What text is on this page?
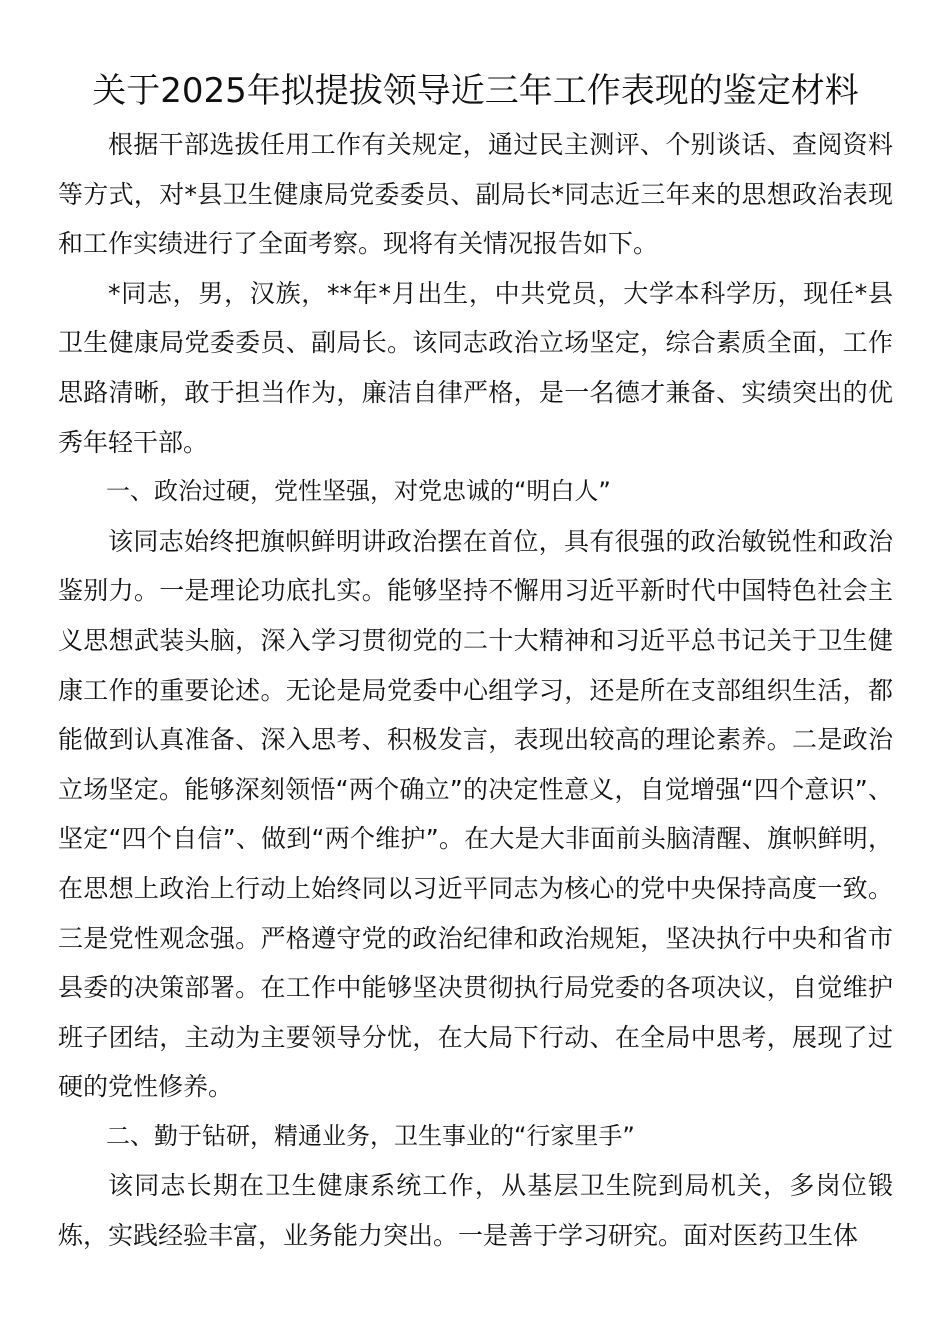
关于2025年拟提拔领导近三年工作表现的鉴定材料

根据干部选拔任用工作有关规定，通过民主测评、个别谈话、查阅资料等方式，对*县卫生健康局党委委员、副局长*同志近三年来的思想政治表现和工作实绩进行了全面考察。现将有关情况报告如下。

*同志，男，汉族，**年*月出生，中共党员，大学本科学历，现任*县卫生健康局党委委员、副局长。该同志政治立场坚定，综合素质全面，工作思路清晰，敢于担当作为，廉洁自律严格，是一名德才兼备、实绩突出的优秀年轻干部。

一、政治过硬，党性坚强，对党忠诚的“明白人”

该同志始终把旗帜鲜明讲政治摆在首位，具有很强的政治敏锐性和政治鉴别力。一是理论功底扎实。能够坚持不懈用习近平新时代中国特色社会主义思想武装头脑，深入学习贯彻党的二十大精神和习近平总书记关于卫生健康工作的重要论述。无论是局党委中心组学习，还是所在支部组织生活，都能做到认真准备、深入思考、积极发言，表现出较高的理论素养。二是政治立场坚定。能够深刻领悟“两个确立”的决定性意义，自觉增强“四个意识”、坚定“四个自信”、做到“两个维护”。在大是大非面前头脑清醒、旗帜鲜明，在思想上政治上行动上始终同以习近平同志为核心的党中央保持高度一致。三是党性观念强。严格遵守党的政治纪律和政治规矩，坚决执行中央和省市县委的决策部署。在工作中能够坚决贯彻执行局党委的各项决议，自觉维护班子团结，主动为主要领导分忧，在大局下行动、在全局中思考，展现了过硬的党性修养。

二、勤于钻研，精通业务，卫生事业的“行家里手”

该同志长期在卫生健康系统工作，从基层卫生院到局机关，多岗位锻炼，实践经验丰富，业务能力突出。一是善于学习研究。面对医药卫生体
